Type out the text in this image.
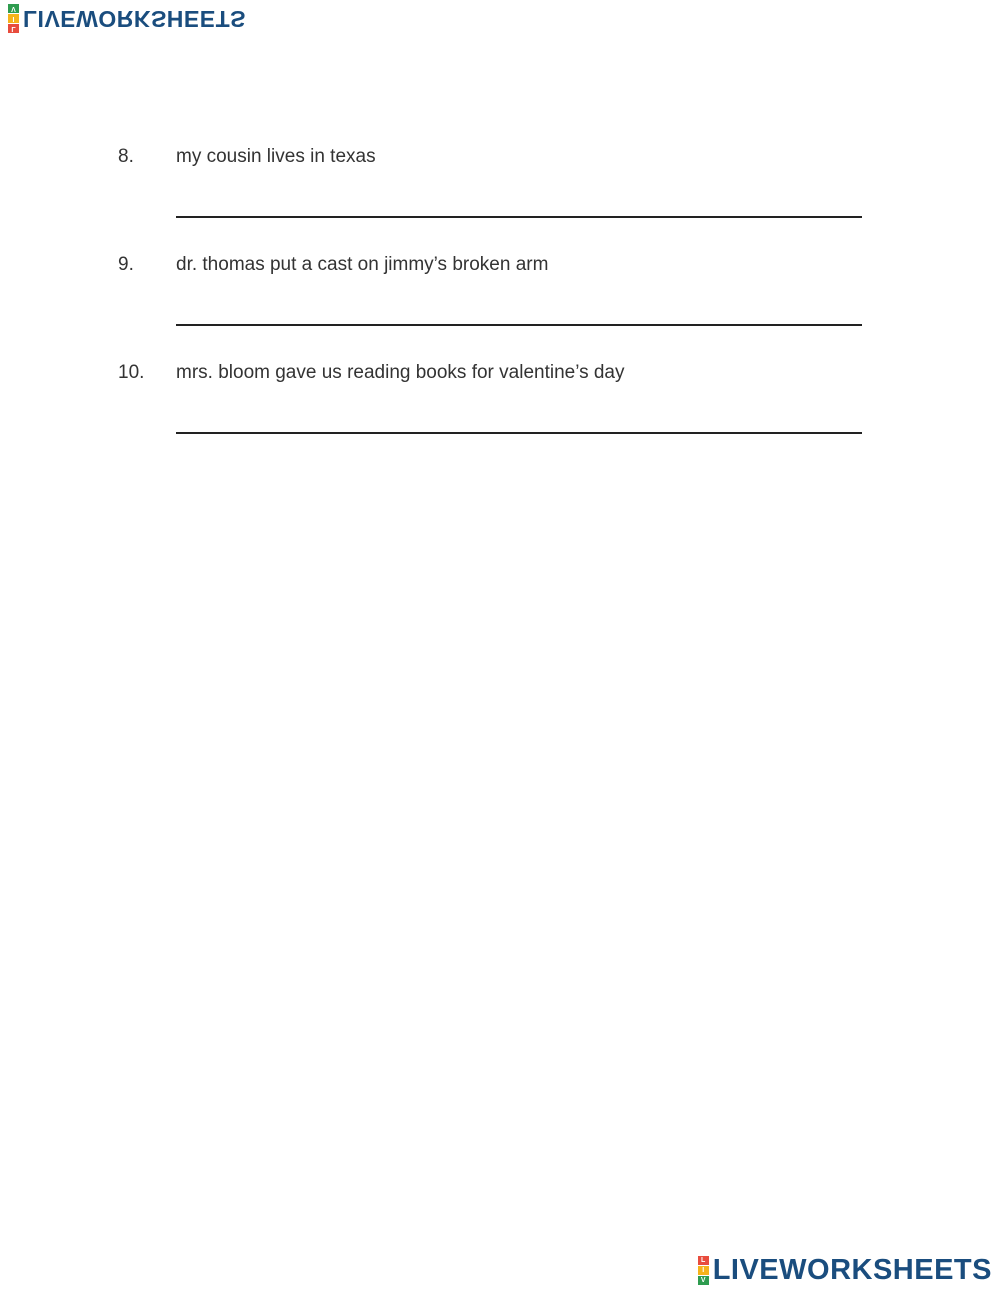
L
I
V LIVEWORKSHEETS
8. my cousin lives in texas
9. dr. thomas put a cast on jimmy’s broken arm
10. mrs. bloom gave us reading books for valentine’s day
L
I
V LIVEWORKSHEETS
